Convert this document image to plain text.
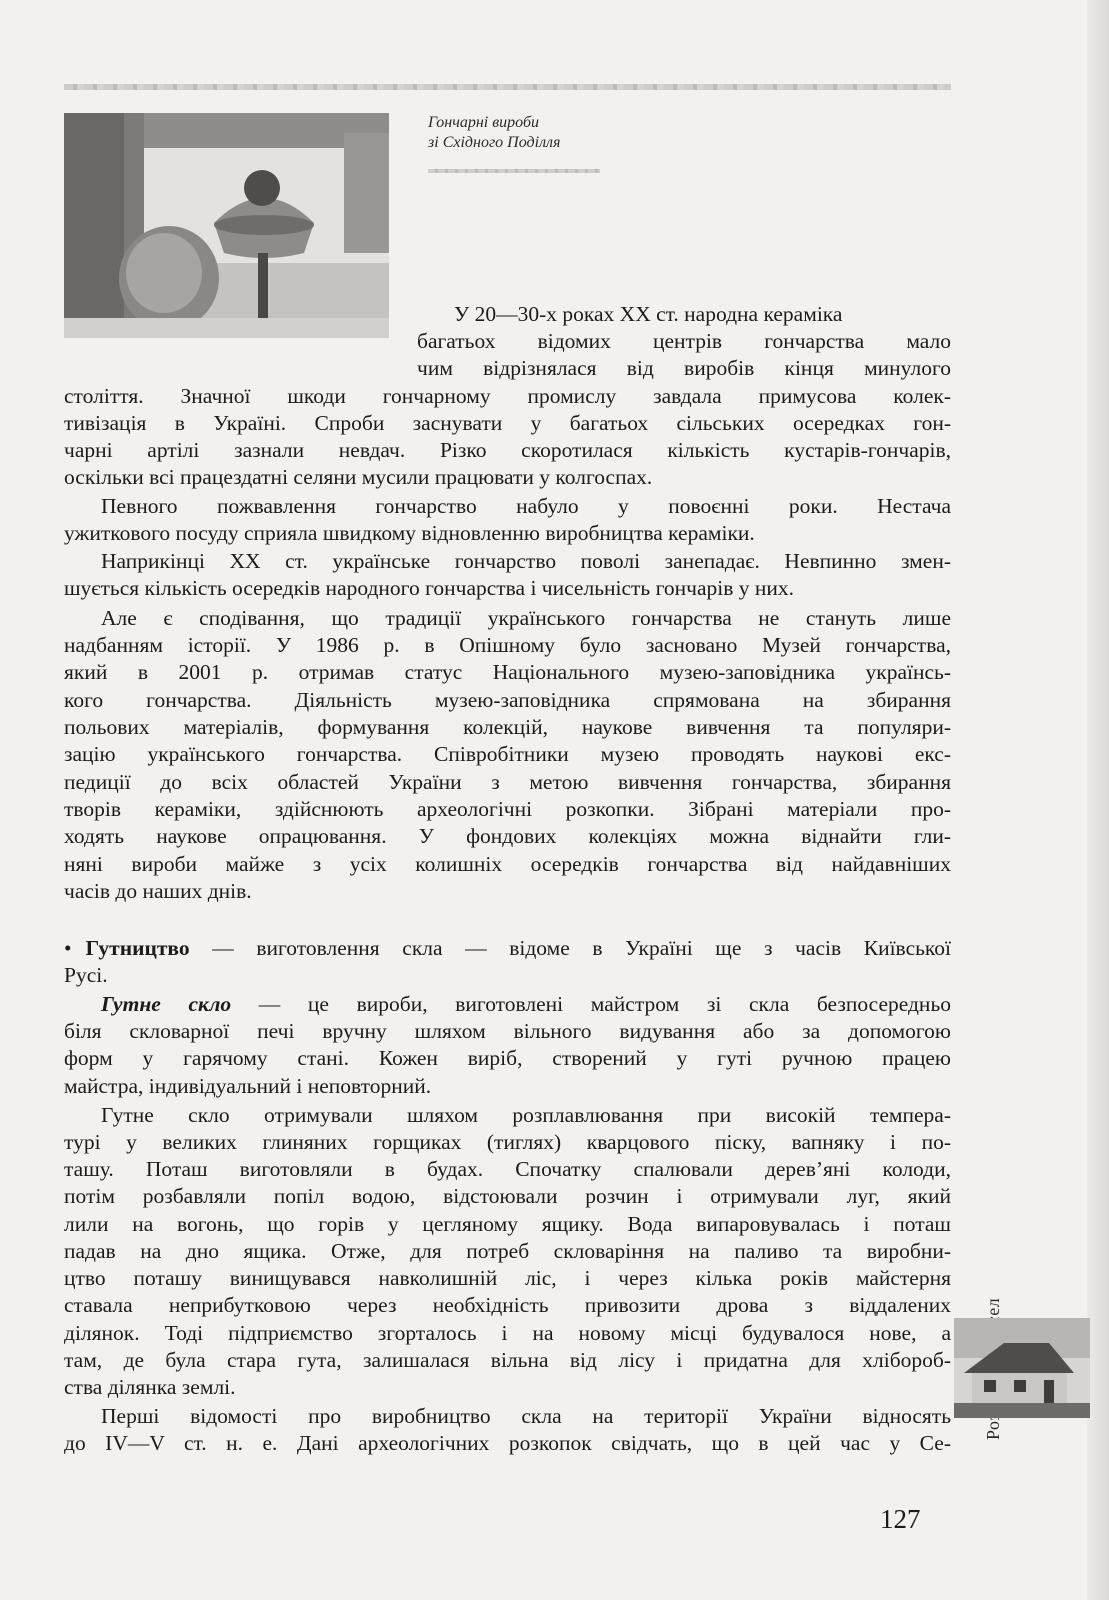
Гончарні вироби
зі Східного Поділля

У 20—30-х роках XX ст. народна кераміка

багатьох відомих центрів гончарства мало

чим відрізнялася від виробів кінця минулого

століття. Значної шкоди гончарному промислу завдала примусова колек-

тивізація в Україні. Спроби заснувати у багатьох сільських осередках гон-

чарні артілі зазнали невдач. Різко скоротилася кількість кустарів-гончарів,

оскільки всі працездатні селяни мусили працювати у колгоспах.

Певного пожвавлення гончарство набуло у повоєнні роки. Нестача

ужиткового посуду сприяла швидкому відновленню виробництва кераміки.

Наприкінці XX ст. українське гончарство поволі занепадає. Невпинно змен-

шується кількість осередків народного гончарства і чисельність гончарів у них.

Але є сподівання, що традиції українського гончарства не стануть лише

надбанням історії. У 1986 р. в Опішному було засновано Музей гончарства,

який в 2001 р. отримав статус Національного музею-заповідника українсь-

кого гончарства. Діяльність музею-заповідника спрямована на збирання

польових матеріалів, формування колекцій, наукове вивчення та популяри-

зацію українського гончарства. Співробітники музею проводять наукові екс-

педиції до всіх областей України з метою вивчення гончарства, збирання

творів кераміки, здійснюють археологічні розкопки. Зібрані матеріали про-

ходять наукове опрацювання. У фондових колекціях можна віднайти гли-

няні вироби майже з усіх колишніх осередків гончарства від найдавніших

часів до наших днів.

• Гутництво — виготовлення скла — відоме в Україні ще з часів Київської

Русі.

Гутне скло — це вироби, виготовлені майстром зі скла безпосередньо

біля скловарної печі вручну шляхом вільного видування або за допомогою

форм у гарячому стані. Кожен виріб, створений у гуті ручною працею

майстра, індивідуальний і неповторний.

Гутне скло отримували шляхом розплавлювання при високій темпера-

турі у великих глиняних горщиках (тиглях) кварцового піску, вапняку і по-

ташу. Поташ виготовляли в будах. Спочатку спалювали дерев’яні колоди,

потім розбавляли попіл водою, відстоювали розчин і отримували луг, який

лили на вогонь, що горів у цегляному ящику. Вода випаровувалась і поташ

падав на дно ящика. Отже, для потреб скловаріння на паливо та виробни-

цтво поташу винищувався навколишній ліс, і через кілька років майстерня

ставала неприбутковою через необхідність привозити дрова з віддалених

ділянок. Тоді підприємство згорталось і на новому місці будувалося нове, а

там, де була стара гута, залишалася вільна від лісу і придатна для хлібороб-

ства ділянка землі.

Перші відомості про виробництво скла на території України відносять

до IV—V ст. н. е. Дані археологічних розкопок свідчать, що в цей час у Се-

127
